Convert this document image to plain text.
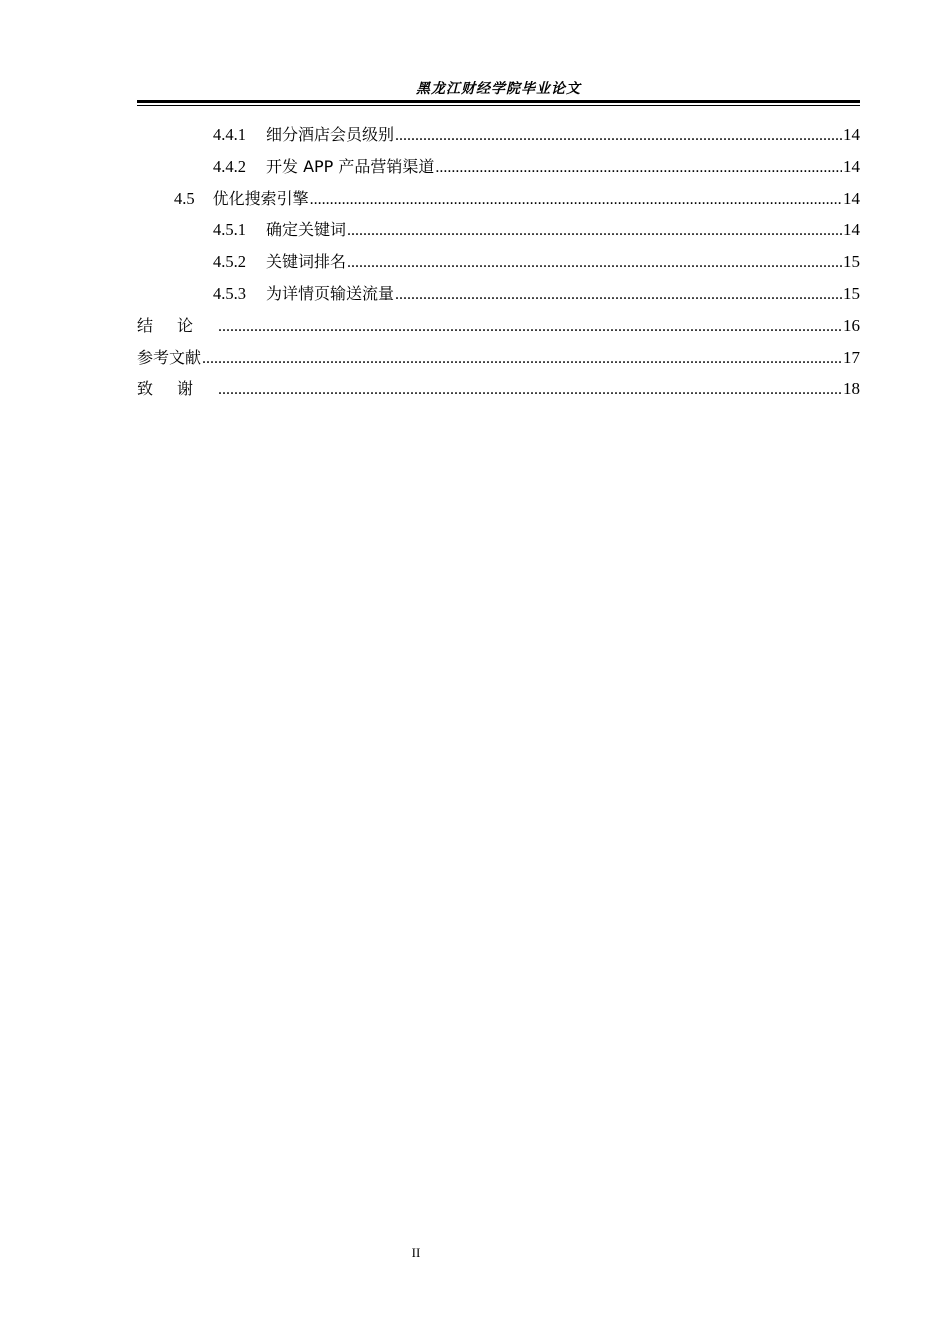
黑龙江财经学院毕业论文
4.4.1 细分酒店会员级别 .....	14
4.4.2 开发 APP 产品营销渠道 .....	14
4.5 优化搜索引擎 .....	14
4.5.1 确定关键词 .....	14
4.5.2 关键词排名 .....	15
4.5.3 为详情页输送流量 .....	15
结论 .....	16
参考文献 .....	17
致谢 .....	18
II
